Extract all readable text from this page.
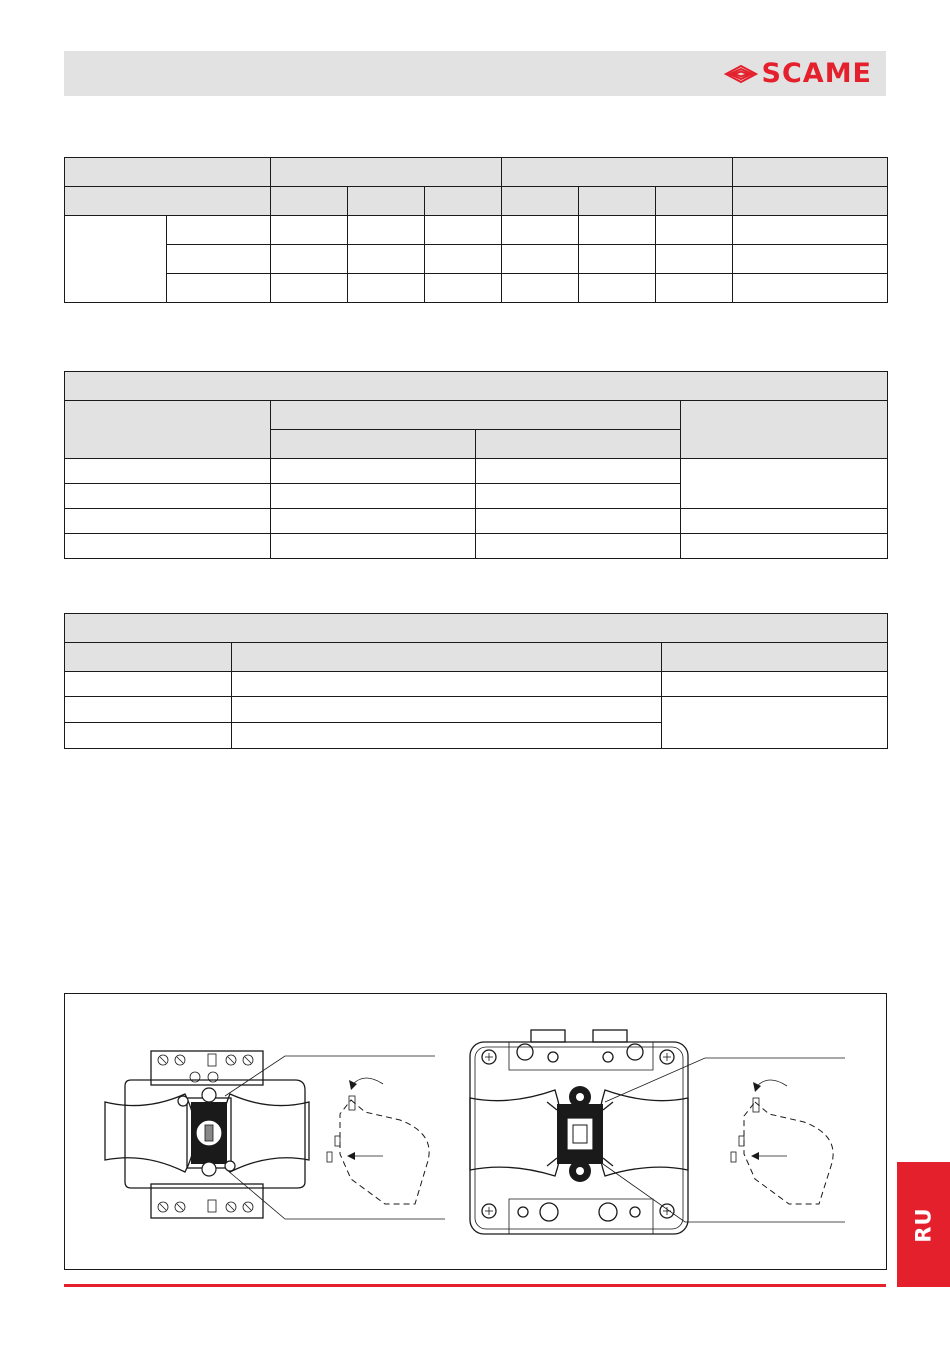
SCAME

RU
